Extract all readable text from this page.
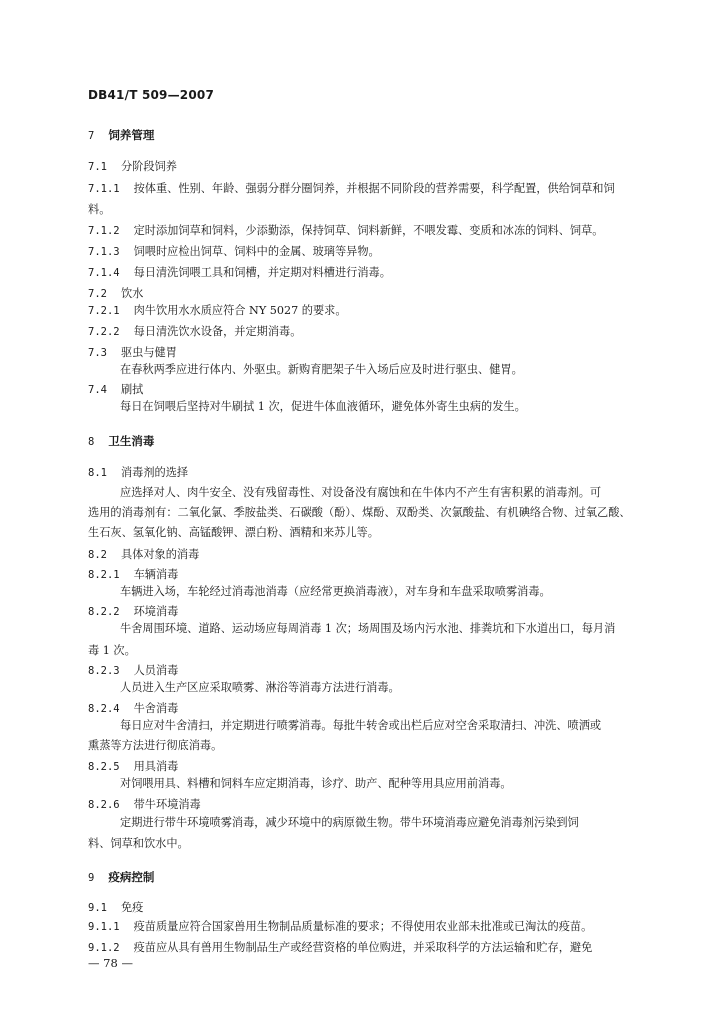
DB41/T 509—2007
7 饲养管理
7.1 分阶段饲养
7.1.1 按体重、性别、年龄、强弱分群分圈饲养，并根据不同阶段的营养需要，科学配置，供给饲草和饲
料。
7.1.2 定时添加饲草和饲料，少添勤添，保持饲草、饲料新鲜，不喂发霉、变质和冰冻的饲料、饲草。
7.1.3 饲喂时应检出饲草、饲料中的金属、玻璃等异物。
7.1.4 每日清洗饲喂工具和饲槽，并定期对料槽进行消毒。
7.2 饮水
7.2.1 肉牛饮用水水质应符合 NY 5027 的要求。
7.2.2 每日清洗饮水设备，并定期消毒。
7.3 驱虫与健胃
在春秋两季应进行体内、外驱虫。新购育肥架子牛入场后应及时进行驱虫、健胃。
7.4 刷拭
每日在饲喂后坚持对牛刷拭 1 次，促进牛体血液循环，避免体外寄生虫病的发生。
8 卫生消毒
8.1 消毒剂的选择
应选择对人、肉牛安全、没有残留毒性、对设备没有腐蚀和在牛体内不产生有害积累的消毒剂。可
选用的消毒剂有：二氧化氯、季胺盐类、石碳酸（酚）、煤酚、双酚类、次氯酸盐、有机碘络合物、过氧乙酸、
生石灰、氢氧化钠、高锰酸钾、漂白粉、酒精和来苏儿等。
8.2 具体对象的消毒
8.2.1 车辆消毒
车辆进入场，车轮经过消毒池消毒（应经常更换消毒液），对车身和车盘采取喷雾消毒。
8.2.2 环境消毒
牛舍周围环境、道路、运动场应每周消毒 1 次；场周围及场内污水池、排粪坑和下水道出口，每月消
毒 1 次。
8.2.3 人员消毒
人员进入生产区应采取喷雾、淋浴等消毒方法进行消毒。
8.2.4 牛舍消毒
每日应对牛舍清扫，并定期进行喷雾消毒。每批牛转舍或出栏后应对空舍采取清扫、冲洗、喷洒或
熏蒸等方法进行彻底消毒。
8.2.5 用具消毒
对饲喂用具、料槽和饲料车应定期消毒，诊疗、助产、配种等用具应用前消毒。
8.2.6 带牛环境消毒
定期进行带牛环境喷雾消毒，减少环境中的病原微生物。带牛环境消毒应避免消毒剂污染到饲
料、饲草和饮水中。
9 疫病控制
9.1 免疫
9.1.1 疫苗质量应符合国家兽用生物制品质量标准的要求；不得使用农业部未批准或已淘汰的疫苗。
9.1.2 疫苗应从具有兽用生物制品生产或经营资格的单位购进，并采取科学的方法运输和贮存，避免
— 78 —
